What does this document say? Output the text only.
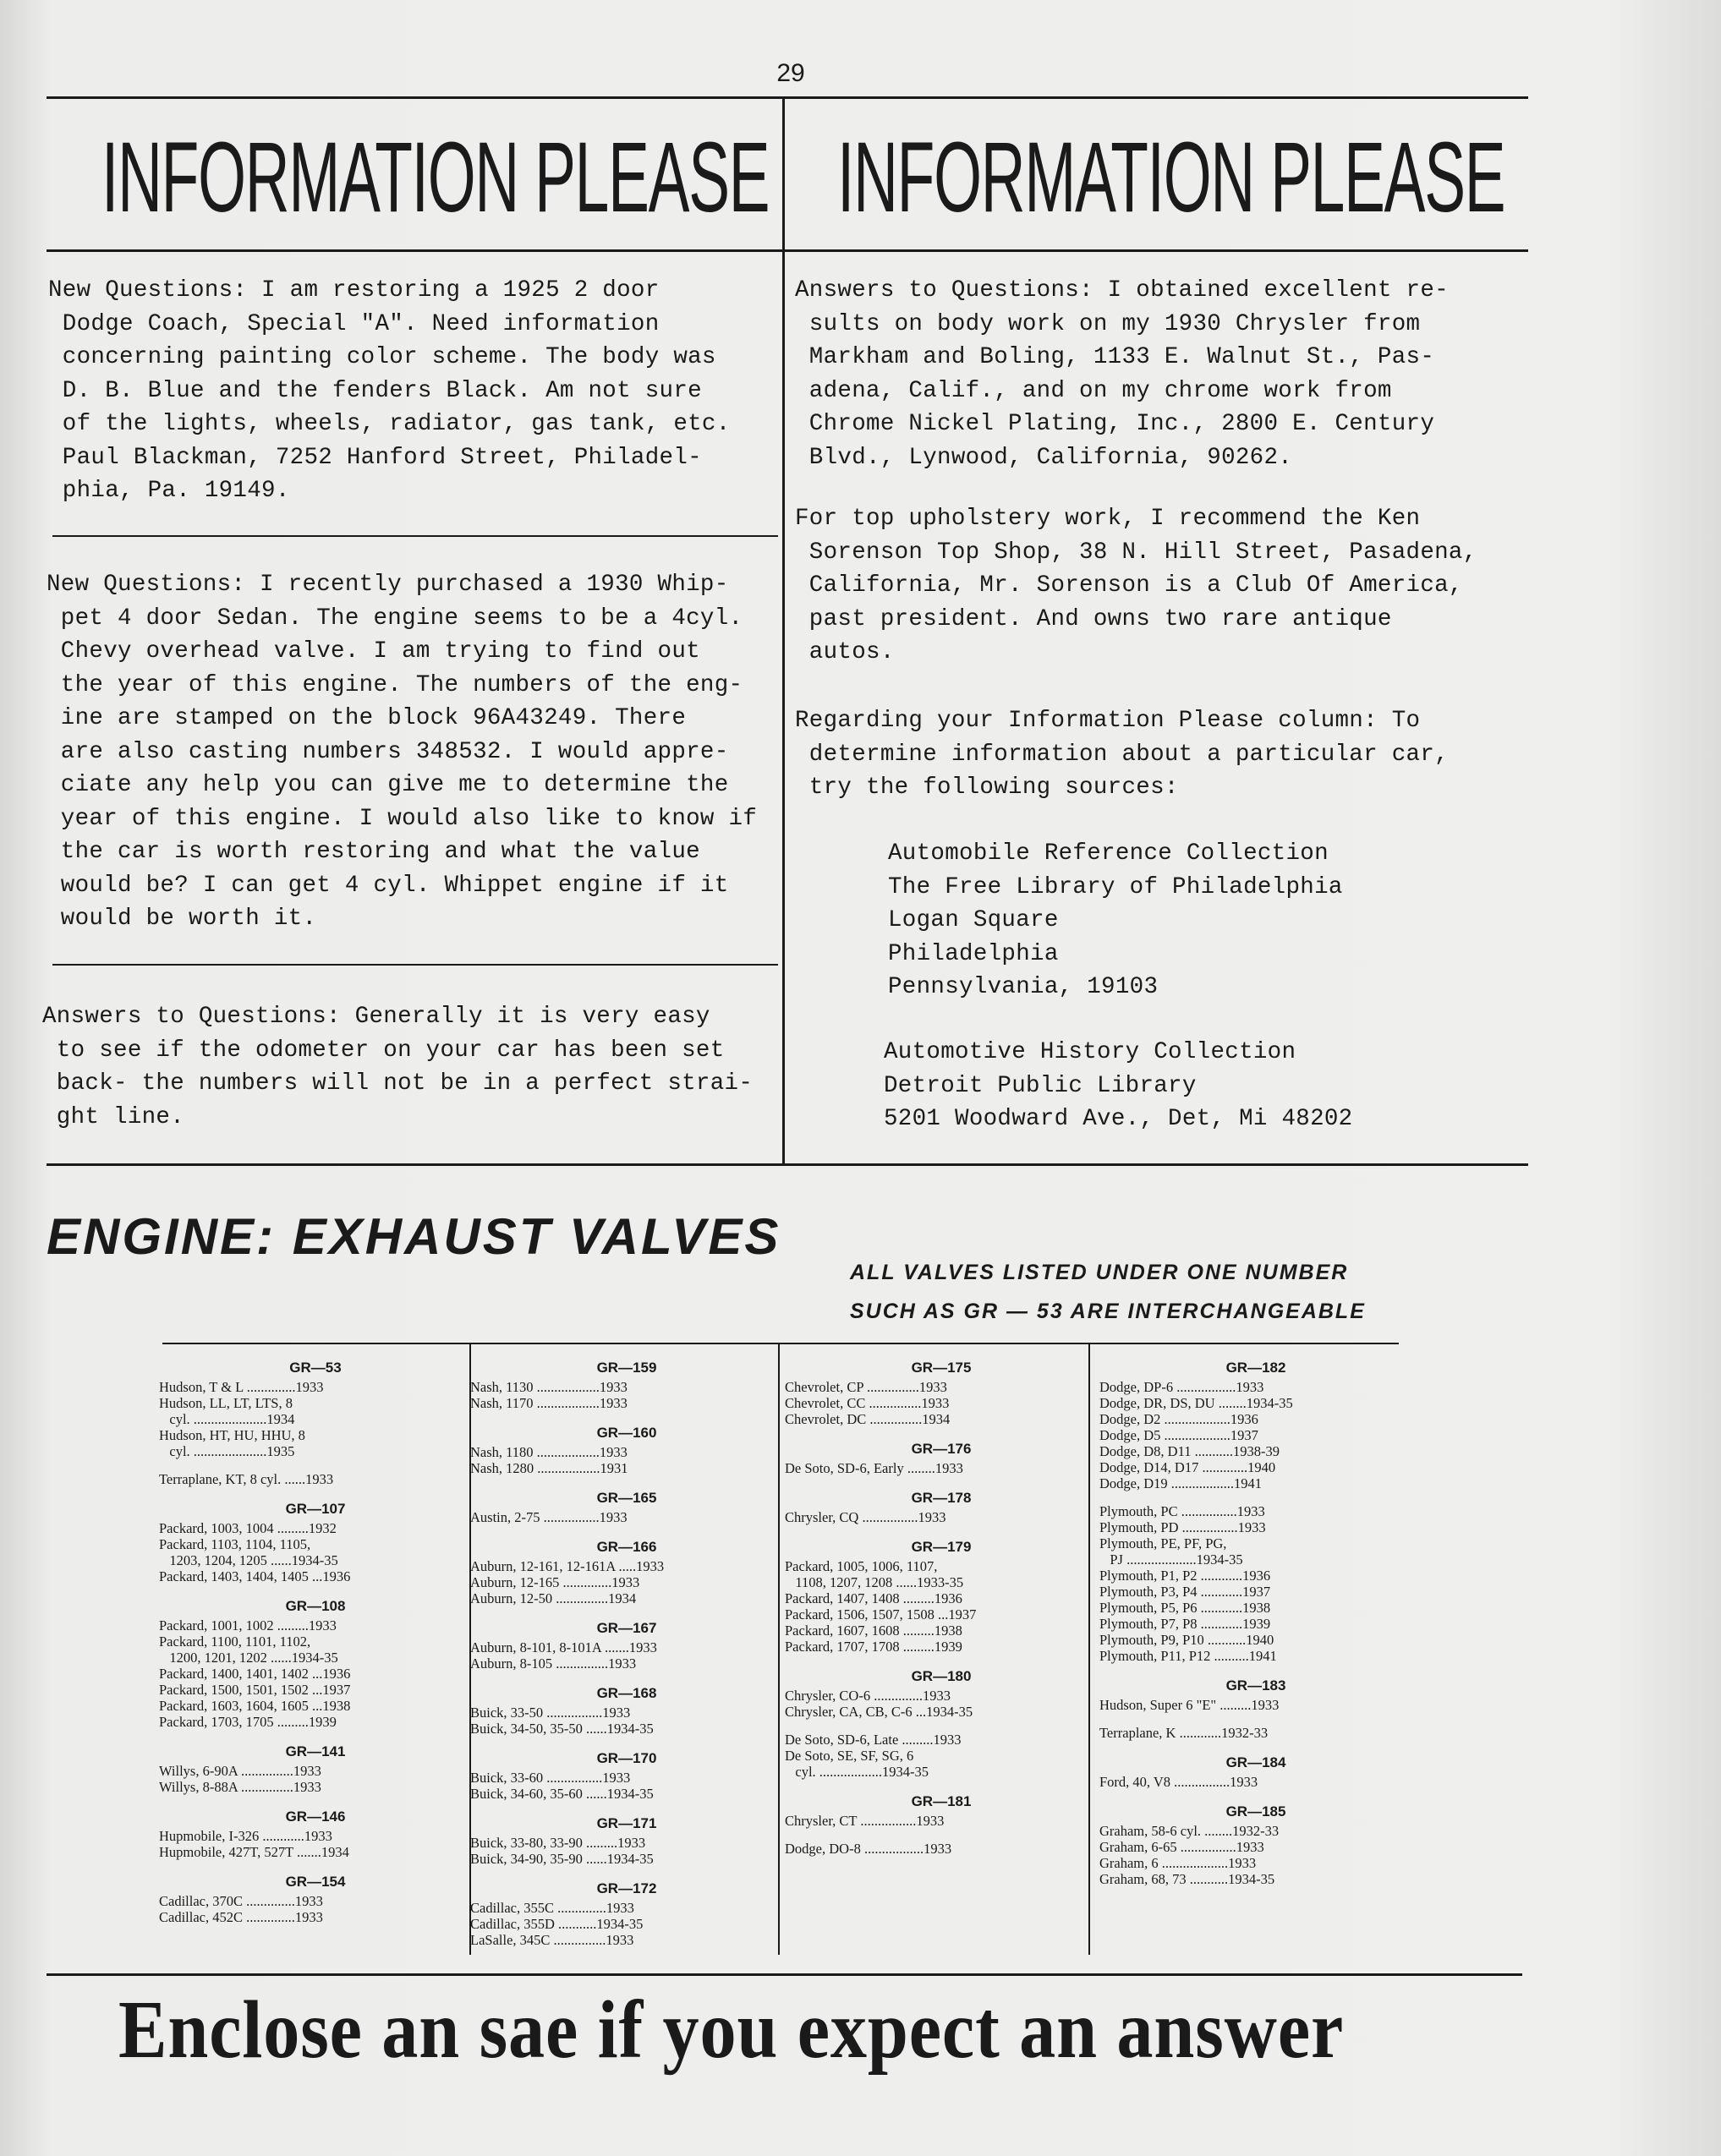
29
INFORMATION PLEASE INFORMATION PLEASE
New Questions: I am restoring a 1925 2 door
Dodge Coach, Special "A". Need information
concerning painting color scheme. The body was
D. B. Blue and the fenders Black. Am not sure
of the lights, wheels, radiator, gas tank, etc.
Paul Blackman, 7252 Hanford Street, Philadel-
phia, Pa. 19149.
New Questions: I recently purchased a 1930 Whip-
pet 4 door Sedan. The engine seems to be a 4cyl.
Chevy overhead valve. I am trying to find out
the year of this engine. The numbers of the eng-
ine are stamped on the block 96A43249. There
are also casting numbers 348532. I would appre-
ciate any help you can give me to determine the
year of this engine. I would also like to know if
the car is worth restoring and what the value
would be? I can get 4 cyl. Whippet engine if it
would be worth it.
Answers to Questions: Generally it is very easy
to see if the odometer on your car has been set
back- the numbers will not be in a perfect strai-
ght line.
Answers to Questions: I obtained excellent re-
sults on body work on my 1930 Chrysler from
Markham and Boling, 1133 E. Walnut St., Pas-
adena, Calif., and on my chrome work from
Chrome Nickel Plating, Inc., 2800 E. Century
Blvd., Lynwood, California, 90262.
For top upholstery work, I recommend the Ken
Sorenson Top Shop, 38 N. Hill Street, Pasadena,
California, Mr. Sorenson is a Club Of America,
past president. And owns two rare antique
autos.
Regarding your Information Please column: To
determine information about a particular car,
try the following sources:
Automobile Reference Collection
The Free Library of Philadelphia
Logan Square
Philadelphia
Pennsylvania, 19103
Automotive History Collection
Detroit Public Library
5201 Woodward Ave., Det, Mi 48202
ENGINE: EXHAUST VALVES
ALL VALVES LISTED UNDER ONE NUMBER
SUCH AS GR — 53 ARE INTERCHANGEABLE
GR—53
Hudson, T & L ..............1933
Hudson, LL, LT, LTS, 8
cyl. .....................1934
Hudson, HT, HU, HHU, 8
cyl. .....................1935
Terraplane, KT, 8 cyl. ......1933
GR—107
Packard, 1003, 1004 .........1932
Packard, 1103, 1104, 1105,
1203, 1204, 1205 ......1934-35
Packard, 1403, 1404, 1405 ...1936
GR—108
Packard, 1001, 1002 .........1933
Packard, 1100, 1101, 1102,
1200, 1201, 1202 ......1934-35
Packard, 1400, 1401, 1402 ...1936
Packard, 1500, 1501, 1502 ...1937
Packard, 1603, 1604, 1605 ...1938
Packard, 1703, 1705 .........1939
GR—141
Willys, 6-90A ...............1933
Willys, 8-88A ...............1933
GR—146
Hupmobile, I-326 ............1933
Hupmobile, 427T, 527T .......1934
GR—154
Cadillac, 370C ..............1933
Cadillac, 452C ..............1933
GR—159
Nash, 1130 ..................1933
Nash, 1170 ..................1933
GR—160
Nash, 1180 ..................1933
Nash, 1280 ..................1931
GR—165
Austin, 2-75 ................1933
GR—166
Auburn, 12-161, 12-161A .....1933
Auburn, 12-165 ..............1933
Auburn, 12-50 ...............1934
GR—167
Auburn, 8-101, 8-101A .......1933
Auburn, 8-105 ...............1933
GR—168
Buick, 33-50 ................1933
Buick, 34-50, 35-50 ......1934-35
GR—170
Buick, 33-60 ................1933
Buick, 34-60, 35-60 ......1934-35
GR—171
Buick, 33-80, 33-90 .........1933
Buick, 34-90, 35-90 ......1934-35
GR—172
Cadillac, 355C ..............1933
Cadillac, 355D ...........1934-35
LaSalle, 345C ...............1933
GR—175
Chevrolet, CP ...............1933
Chevrolet, CC ...............1933
Chevrolet, DC ...............1934
GR—176
De Soto, SD-6, Early ........1933
GR—178
Chrysler, CQ ................1933
GR—179
Packard, 1005, 1006, 1107,
1108, 1207, 1208 ......1933-35
Packard, 1407, 1408 .........1936
Packard, 1506, 1507, 1508 ...1937
Packard, 1607, 1608 .........1938
Packard, 1707, 1708 .........1939
GR—180
Chrysler, CO-6 ..............1933
Chrysler, CA, CB, C-6 ...1934-35
De Soto, SD-6, Late .........1933
De Soto, SE, SF, SG, 6
cyl. ..................1934-35
GR—181
Chrysler, CT ................1933
Dodge, DO-8 .................1933
GR—182
Dodge, DP-6 .................1933
Dodge, DR, DS, DU ........1934-35
Dodge, D2 ...................1936
Dodge, D5 ...................1937
Dodge, D8, D11 ...........1938-39
Dodge, D14, D17 .............1940
Dodge, D19 ..................1941
Plymouth, PC ................1933
Plymouth, PD ................1933
Plymouth, PE, PF, PG,
PJ ....................1934-35
Plymouth, P1, P2 ............1936
Plymouth, P3, P4 ............1937
Plymouth, P5, P6 ............1938
Plymouth, P7, P8 ............1939
Plymouth, P9, P10 ...........1940
Plymouth, P11, P12 ..........1941
GR—183
Hudson, Super 6 "E" .........1933
Terraplane, K ............1932-33
GR—184
Ford, 40, V8 ................1933
GR—185
Graham, 58-6 cyl. ........1932-33
Graham, 6-65 ................1933
Graham, 6 ...................1933
Graham, 68, 73 ...........1934-35
Enclose an sae if you expect an answer
